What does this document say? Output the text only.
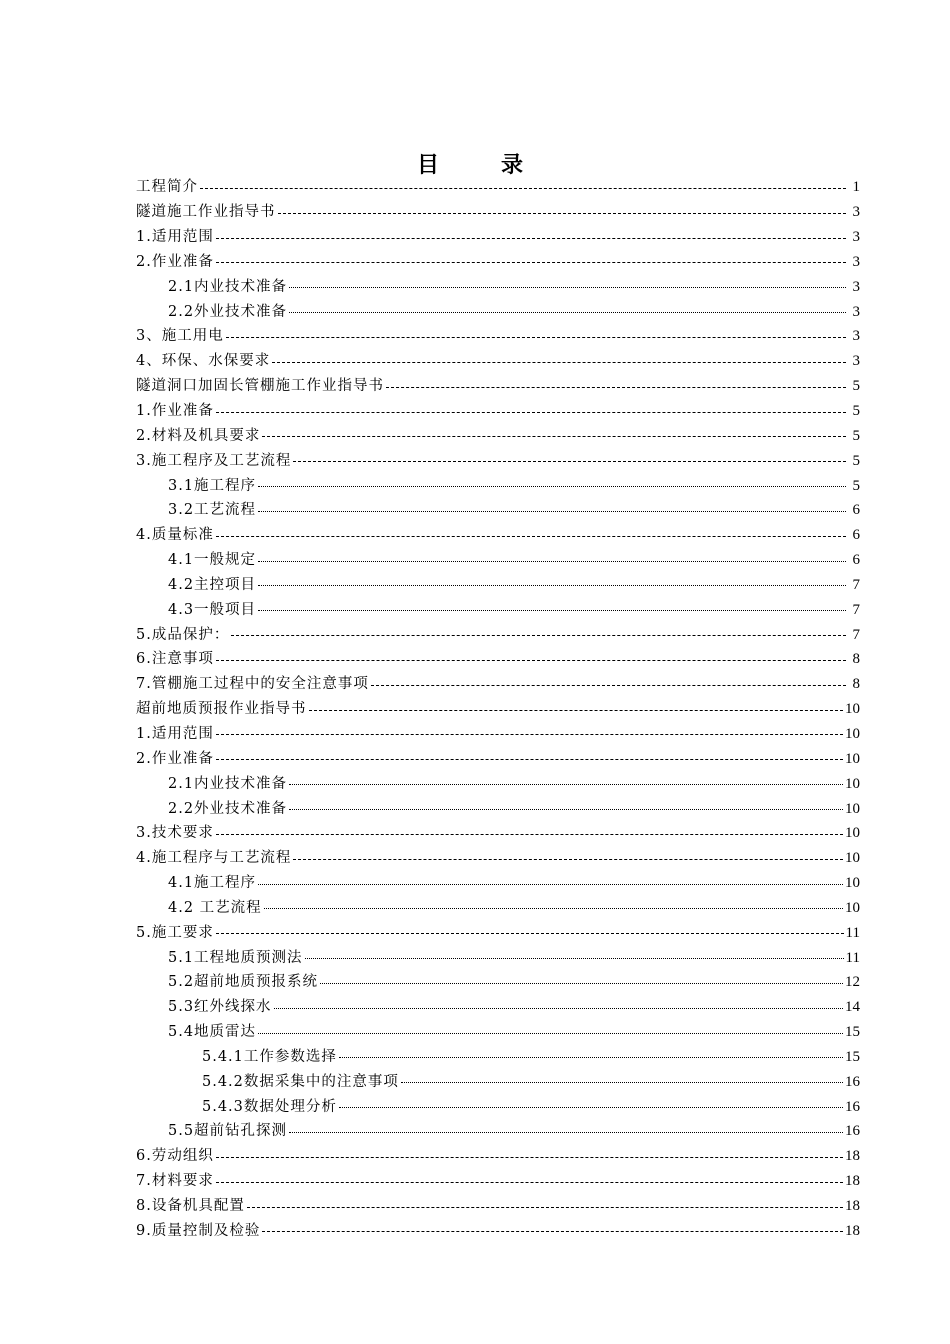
目录
工程简介	1
隧道施工作业指导书	3
1.适用范围	3
2.作业准备	3
2.1内业技术准备	3
2.2外业技术准备	3
3、施工用电	3
4、环保、水保要求	3
隧道洞口加固长管棚施工作业指导书	5
1.作业准备	5
2.材料及机具要求	5
3.施工程序及工艺流程	5
3.1施工程序	5
3.2工艺流程	6
4.质量标准	6
4.1一般规定	6
4.2主控项目	7
4.3一般项目	7
5.成品保护：	7
6.注意事项	8
7.管棚施工过程中的安全注意事项	8
超前地质预报作业指导书	10
1.适用范围	10
2.作业准备	10
2.1内业技术准备	10
2.2外业技术准备	10
3.技术要求	10
4.施工程序与工艺流程	10
4.1施工程序	10
4.2 工艺流程	10
5.施工要求	11
5.1工程地质预测法	11
5.2超前地质预报系统	12
5.3红外线探水	14
5.4地质雷达	15
5.4.1工作参数选择	15
5.4.2数据采集中的注意事项	16
5.4.3数据处理分析	16
5.5超前钻孔探测	16
6.劳动组织	18
7.材料要求	18
8.设备机具配置	18
9.质量控制及检验	18
